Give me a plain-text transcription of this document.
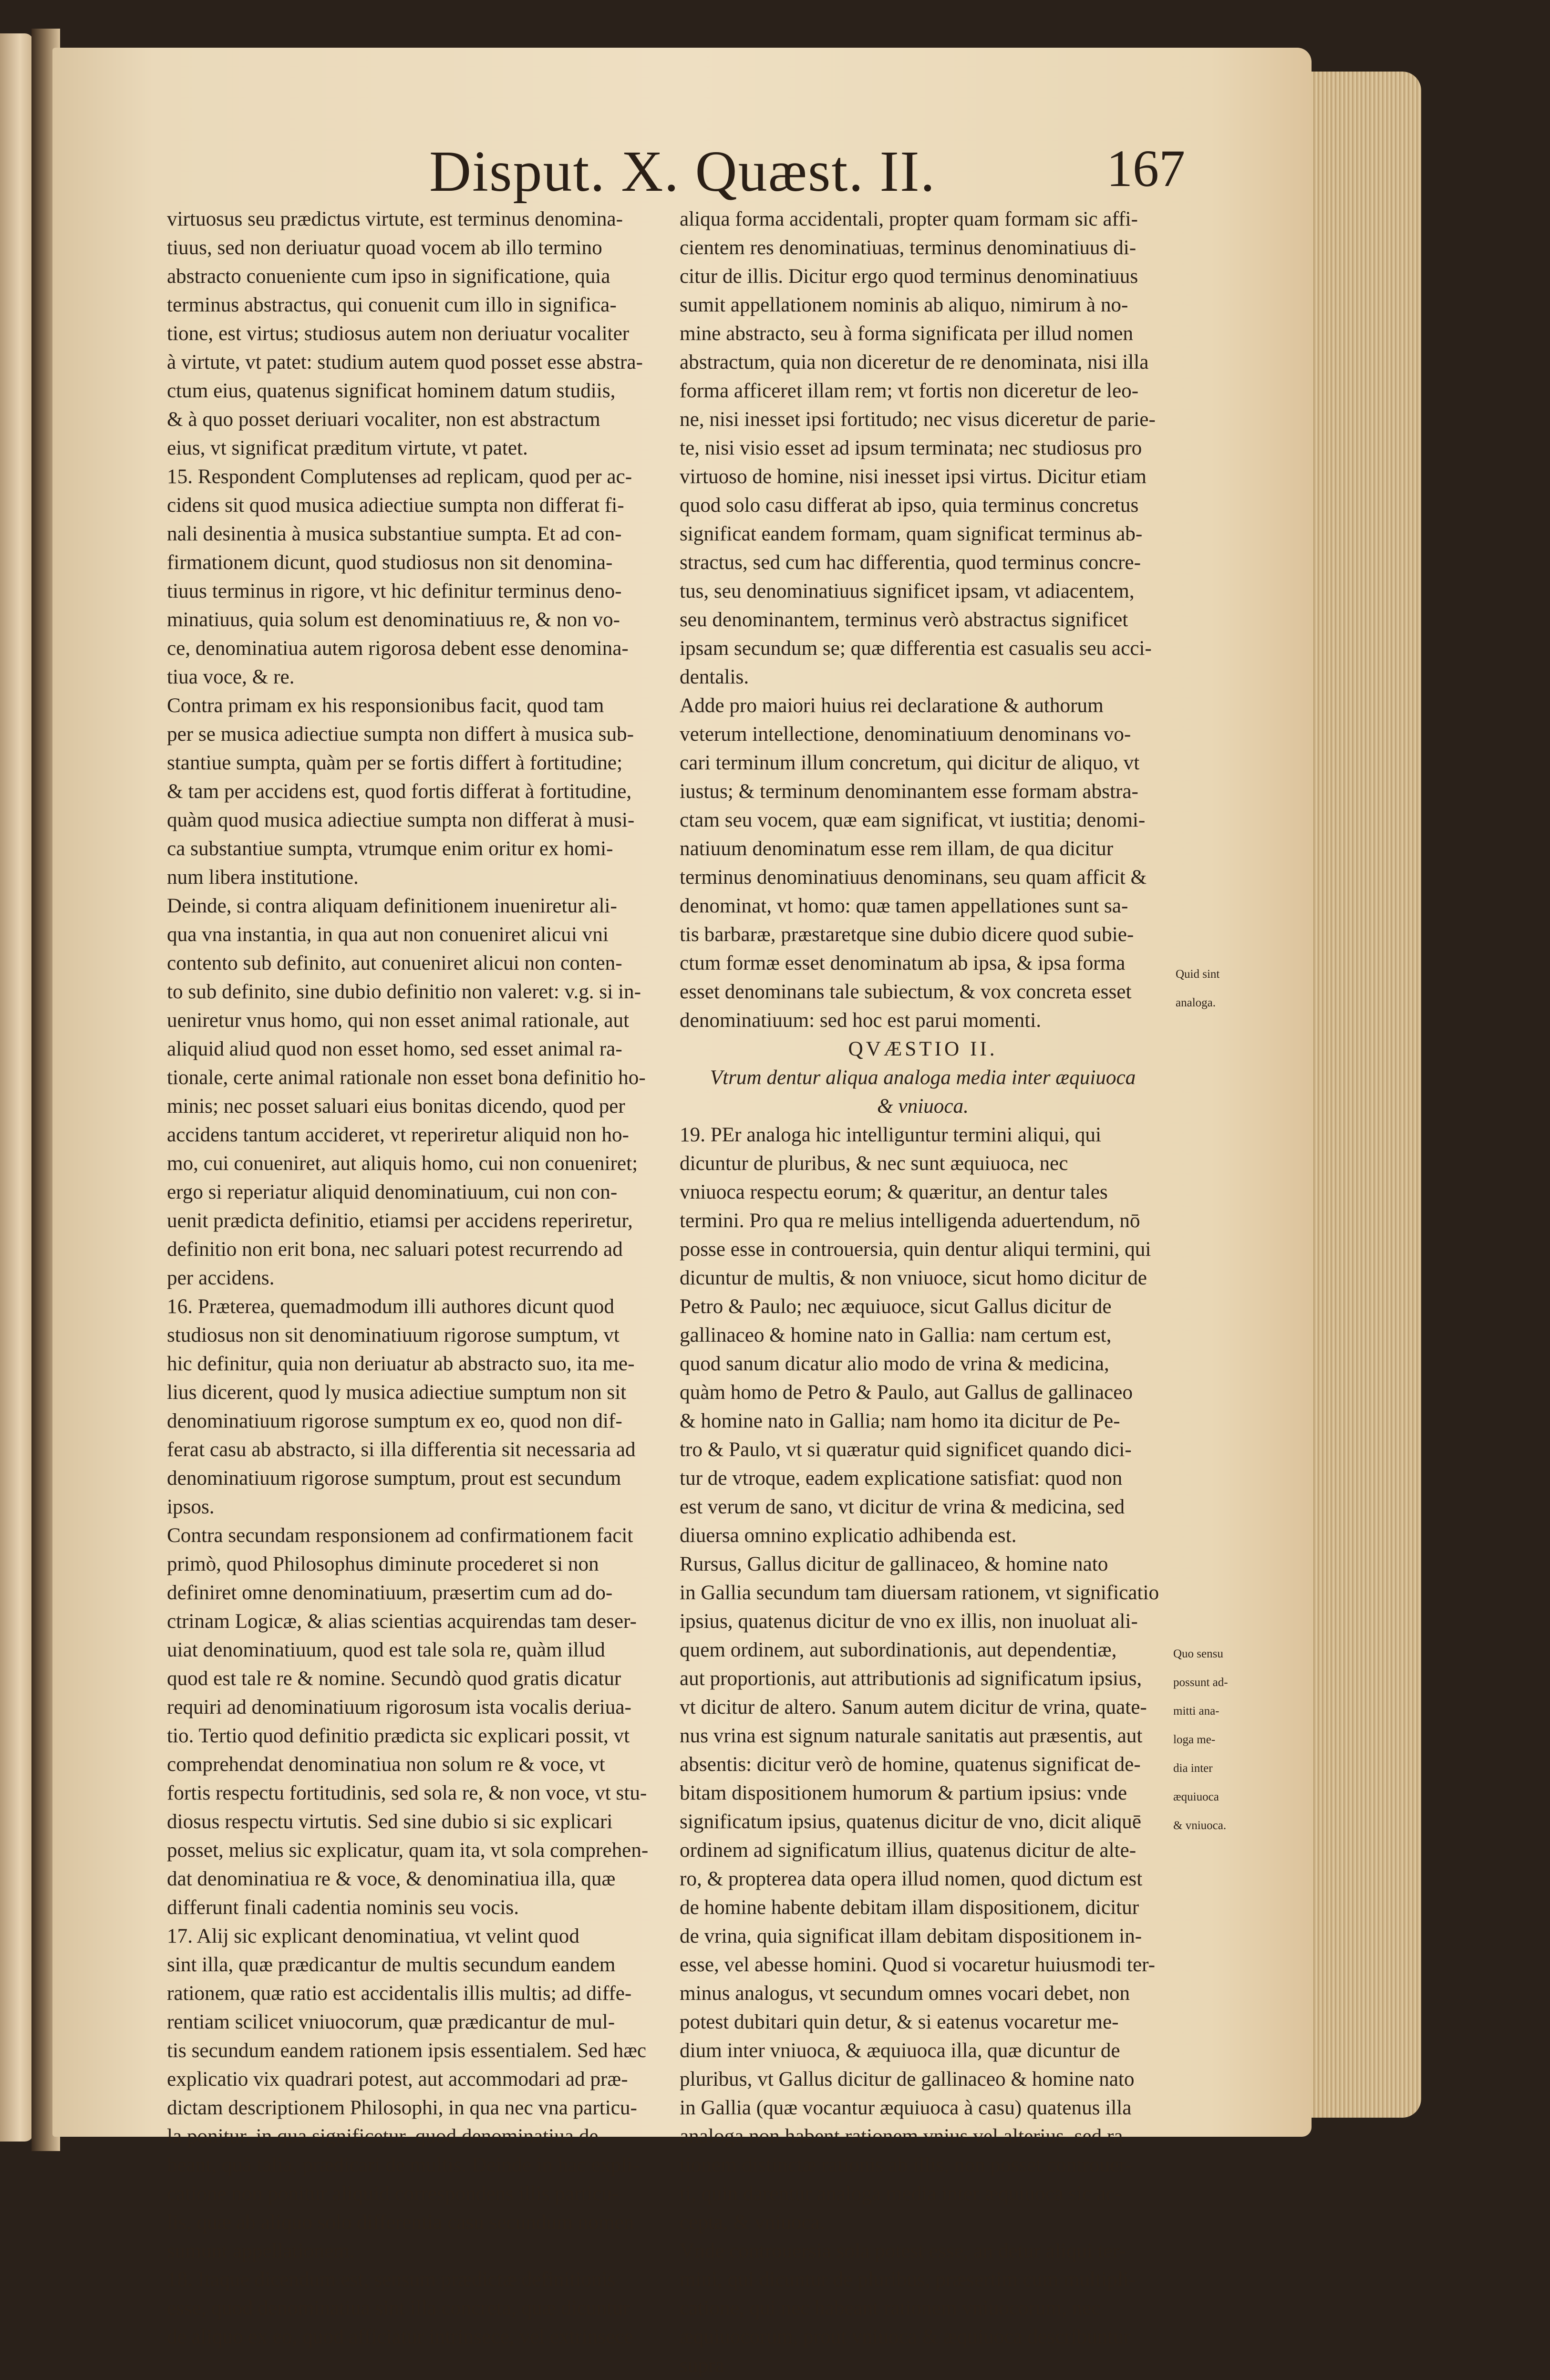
Disput. X. Quæst. II.	167
virtuosus seu prædictus virtute, est terminus denomina-
tiuus, sed non deriuatur quoad vocem ab illo termino
abstracto conueniente cum ipso in significatione, quia
terminus abstractus, qui conuenit cum illo in significa-
tione, est virtus; studiosus autem non deriuatur vocaliter
à virtute, vt patet: studium autem quod posset esse abstra-
ctum eius, quatenus significat hominem datum studiis,
& à quo posset deriuari vocaliter, non est abstractum
eius, vt significat præditum virtute, vt patet.
15. Respondent Complutenses ad replicam, quod per ac-
cidens sit quod musica adiectiue sumpta non differat fi-
nali desinentia à musica substantiue sumpta. Et ad con-
firmationem dicunt, quod studiosus non sit denomina-
tiuus terminus in rigore, vt hic definitur terminus deno-
minatiuus, quia solum est denominatiuus re, & non vo-
ce, denominatiua autem rigorosa debent esse denomina-
tiua voce, & re.
Contra primam ex his responsionibus facit, quod tam
per se musica adiectiue sumpta non differt à musica sub-
stantiue sumpta, quàm per se fortis differt à fortitudine;
& tam per accidens est, quod fortis differat à fortitudine,
quàm quod musica adiectiue sumpta non differat à musi-
ca substantiue sumpta, vtrumque enim oritur ex homi-
num libera institutione.
Deinde, si contra aliquam definitionem inueniretur ali-
qua vna instantia, in qua aut non conueniret alicui vni
contento sub definito, aut conueniret alicui non conten-
to sub definito, sine dubio definitio non valeret: v.g. si in-
ueniretur vnus homo, qui non esset animal rationale, aut
aliquid aliud quod non esset homo, sed esset animal ra-
tionale, certe animal rationale non esset bona definitio ho-
minis; nec posset saluari eius bonitas dicendo, quod per
accidens tantum accideret, vt reperiretur aliquid non ho-
mo, cui conueniret, aut aliquis homo, cui non conueniret;
ergo si reperiatur aliquid denominatiuum, cui non con-
uenit prædicta definitio, etiamsi per accidens reperiretur,
definitio non erit bona, nec saluari potest recurrendo ad
per accidens.
16. Præterea, quemadmodum illi authores dicunt quod
studiosus non sit denominatiuum rigorose sumptum, vt
hic definitur, quia non deriuatur ab abstracto suo, ita me-
lius dicerent, quod ly musica adiectiue sumptum non sit
denominatiuum rigorose sumptum ex eo, quod non dif-
ferat casu ab abstracto, si illa differentia sit necessaria ad
denominatiuum rigorose sumptum, prout est secundum
ipsos.
Contra secundam responsionem ad confirmationem facit
primò, quod Philosophus diminute procederet si non
definiret omne denominatiuum, præsertim cum ad do-
ctrinam Logicæ, & alias scientias acquirendas tam deser-
uiat denominatiuum, quod est tale sola re, quàm illud
quod est tale re & nomine. Secundò quod gratis dicatur
requiri ad denominatiuum rigorosum ista vocalis deriua-
tio. Tertio quod definitio prædicta sic explicari possit, vt
comprehendat denominatiua non solum re & voce, vt
fortis respectu fortitudinis, sed sola re, & non voce, vt stu-
diosus respectu virtutis. Sed sine dubio si sic explicari
posset, melius sic explicatur, quam ita, vt sola comprehen-
dat denominatiua re & voce, & denominatiua illa, quæ
differunt finali cadentia nominis seu vocis.
17. Alij sic explicant denominatiua, vt velint quod
sint illa, quæ prædicantur de multis secundum eandem
rationem, quæ ratio est accidentalis illis multis; ad diffe-
rentiam scilicet vniuocorum, quæ prædicantur de mul-
tis secundum eandem rationem ipsis essentialem. Sed hæc
explicatio vix quadrari potest, aut accommodari ad præ-
dictam descriptionem Philosophi, in qua nec vna particu-
la ponitur, in qua significetur, quod denominatiua de-
beant, quà talia, prædicari de multis. Deinde in hac expli-
catione non ponitur aliquid correspondens illis particu-
lis, quæ ab aliquo solo differentia casu secundum nomen
sumunt appellationem.
18. Itaque dicendum est, sensum prædictæ definitionis
esse, quod denominatiua sint illa concreta, quæ dicuntur
de aliquo ex eo, quod afficiatur intrinsece, vel extrinsece
aliqua forma accidentali, propter quam formam sic affi-
cientem res denominatiuas, terminus denominatiuus di-
citur de illis. Dicitur ergo quod terminus denominatiuus
sumit appellationem nominis ab aliquo, nimirum à no-
mine abstracto, seu à forma significata per illud nomen
abstractum, quia non diceretur de re denominata, nisi illa
forma afficeret illam rem; vt fortis non diceretur de leo-
ne, nisi inesset ipsi fortitudo; nec visus diceretur de parie-
te, nisi visio esset ad ipsum terminata; nec studiosus pro
virtuoso de homine, nisi inesset ipsi virtus. Dicitur etiam
quod solo casu differat ab ipso, quia terminus concretus
significat eandem formam, quam significat terminus ab-
stractus, sed cum hac differentia, quod terminus concre-
tus, seu denominatiuus significet ipsam, vt adiacentem,
seu denominantem, terminus verò abstractus significet
ipsam secundum se; quæ differentia est casualis seu acci-
dentalis.
Adde pro maiori huius rei declaratione & authorum
veterum intellectione, denominatiuum denominans vo-
cari terminum illum concretum, qui dicitur de aliquo, vt
iustus; & terminum denominantem esse formam abstra-
ctam seu vocem, quæ eam significat, vt iustitia; denomi-
natiuum denominatum esse rem illam, de qua dicitur
terminus denominatiuus denominans, seu quam afficit &
denominat, vt homo: quæ tamen appellationes sunt sa-
tis barbaræ, præstaretque sine dubio dicere quod subie-
ctum formæ esset denominatum ab ipsa, & ipsa forma
esset denominans tale subiectum, & vox concreta esset
denominatiuum: sed hoc est parui momenti.
QVÆSTIO II.
Vtrum dentur aliqua analoga media inter æquiuoca
& vniuoca.
19. PEr analoga hic intelliguntur termini aliqui, qui
dicuntur de pluribus, & nec sunt æquiuoca, nec
vniuoca respectu eorum; & quæritur, an dentur tales
termini. Pro qua re melius intelligenda aduertendum, nō
posse esse in controuersia, quin dentur aliqui termini, qui
dicuntur de multis, & non vniuoce, sicut homo dicitur de
Petro & Paulo; nec æquiuoce, sicut Gallus dicitur de
gallinaceo & homine nato in Gallia: nam certum est,
quod sanum dicatur alio modo de vrina & medicina,
quàm homo de Petro & Paulo, aut Gallus de gallinaceo
& homine nato in Gallia; nam homo ita dicitur de Pe-
tro & Paulo, vt si quæratur quid significet quando dici-
tur de vtroque, eadem explicatione satisfiat: quod non
est verum de sano, vt dicitur de vrina & medicina, sed
diuersa omnino explicatio adhibenda est.
Rursus, Gallus dicitur de gallinaceo, & homine nato
in Gallia secundum tam diuersam rationem, vt significatio
ipsius, quatenus dicitur de vno ex illis, non inuoluat ali-
quem ordinem, aut subordinationis, aut dependentiæ,
aut proportionis, aut attributionis ad significatum ipsius,
vt dicitur de altero. Sanum autem dicitur de vrina, quate-
nus vrina est signum naturale sanitatis aut præsentis, aut
absentis: dicitur verò de homine, quatenus significat de-
bitam dispositionem humorum & partium ipsius: vnde
significatum ipsius, quatenus dicitur de vno, dicit aliquē
ordinem ad significatum illius, quatenus dicitur de alte-
ro, & propterea data opera illud nomen, quod dictum est
de homine habente debitam illam dispositionem, dicitur
de vrina, quia significat illam debitam dispositionem in-
esse, vel abesse homini. Quod si vocaretur huiusmodi ter-
minus analogus, vt secundum omnes vocari debet, non
potest dubitari quin detur, & si eatenus vocaretur me-
dium inter vniuoca, & æquiuoca illa, quæ dicuntur de
pluribus, vt Gallus dicitur de gallinaceo & homine nato
in Gallia (quæ vocantur æquiuoca à casu) quatenus illa
analoga non habent rationem vnius vel alterius, sed ra-
tionem distinctæ rationis ab illis, non posset controuer-
ti, quin darentur analoga media inter æquiuoca sic ac-
cepta, & vniuoca.
Vnde controuersia sola potest esse, an detur aliqui ter-
mini, qui dicuntur de pluribus, præsertim cum multipli-
catione, qui nec habeant rationem vniuocorum, nec
æquiuocorum, prout vniuoca & æquiuoca describuntur
supra
Quid sint
analoga.
Quo sensu
possunt ad-
mitti ana-
loga me-
dia inter
æquiuoca
& vniuoca.
